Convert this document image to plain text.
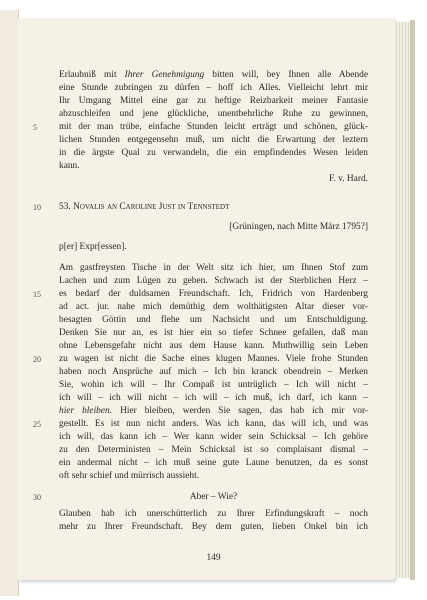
Erlaubniß mit Ihrer Genehmigung bitten will, bey Ihnen alle Abende
eine Stunde zubringen zu dürfen – hoff ich Alles. Vielleicht lehrt mir
Ihr Umgang Mittel eine gar zu heftige Reizbarkeit meiner Fantasie
abzuschleifen und jene glückliche, unentbehrliche Ruhe zu gewinnen,
5 mit der man trübe, einfache Stunden leicht erträgt und schönen, glück-
lichen Stunden entgegensehn muß, um nicht die Erwartung der leztern
in die ärgste Qual zu verwandeln, die ein empfindendes Wesen leiden
kann.
F. v. Hard.
10 53. Novalis an Caroline Just in Tennstedt
[Grüningen, nach Mitte März 1795?]
p[er] Expr[essen].
Am gastfreysten Tische in der Welt sitz ich hier, um Ihnen Stof zum
Lachen und zum Lügen zu geben. Schwach ist der Sterblichen Herz –
15 es bedarf der duldsamen Freundschaft. Ich, Fridrich von Hardenberg
ad act. jur. nahe mich demüthig dem wolthätigsten Altar dieser vor-
besagten Göttin und flehe um Nachsicht und um Entschuldigung.
Denken Sie nur an, es ist hier ein so tiefer Schnee gefallen, daß man
ohne Lebensgefahr nicht aus dem Hause kann. Muthwillig sein Leben
20 zu wagen ist nicht die Sache eines klugen Mannes. Viele frohe Stunden
haben noch Ansprüche auf mich – Ich bin kranck obendrein – Merken
Sie, wohin ich will – Ihr Compaß ist untrüglich – Ich will nicht –
ich will – ich will nicht – ich will – ich muß, ich darf, ich kann –
hier bleiben. Hier bleiben, werden Sie sagen, das hab ich mir vor-
25 gestellt. Es ist nun nicht anders. Was ich kann, das will ich, und was
ich will, das kann ich – Wer kann wider sein Schicksal – Ich gehöre
zu den Deterministen – Mein Schicksal ist so complaisant dismal –
ein andermal nicht – ich muß seine gute Laune benutzen, da es sonst
oft sehr schief und mürrisch aussieht.
30	Aber – Wie?
Glauben hab ich unerschütterlich zu Ihrer Erfindungskraft – noch
mehr zu Ihrer Freundschaft. Bey dem guten, lieben Onkel bin ich
149
